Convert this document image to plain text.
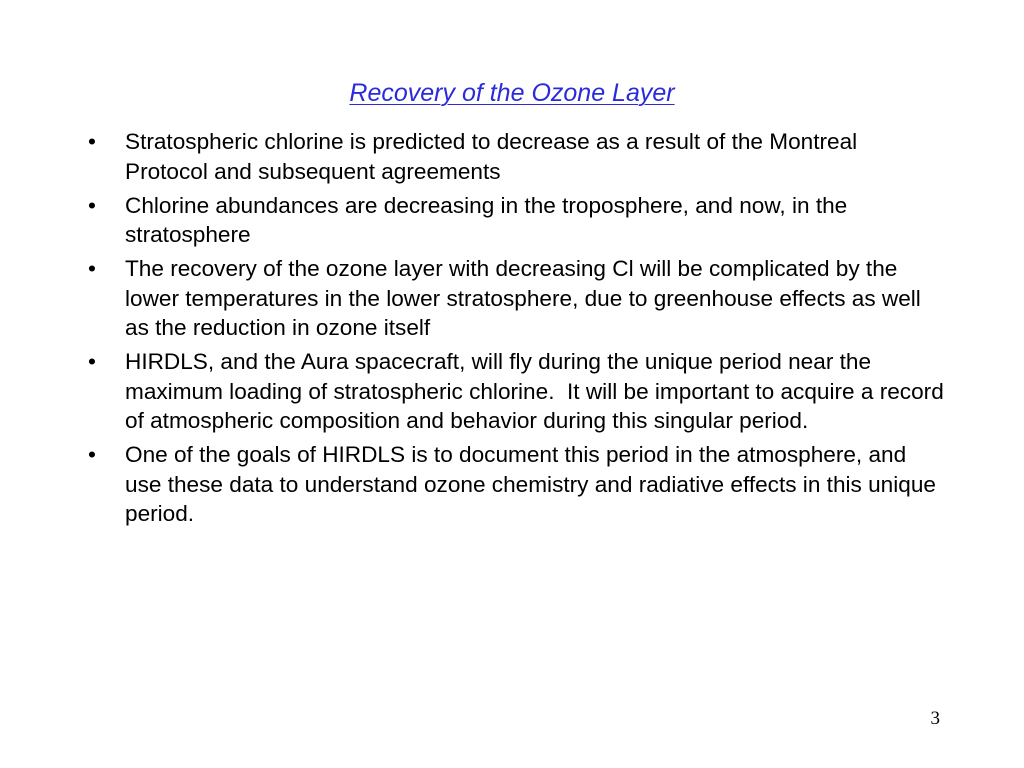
Recovery of the Ozone Layer
•	Stratospheric chlorine is predicted to decrease as a result of the Montreal Protocol and subsequent agreements
•	Chlorine abundances are decreasing in the troposphere, and now, in the stratosphere
•	The recovery of the ozone layer with decreasing Cl will be complicated by the lower temperatures in the lower stratosphere, due to greenhouse effects as well as the reduction in ozone itself
•	HIRDLS, and the Aura spacecraft, will fly during the unique period near the maximum loading of stratospheric chlorine.  It will be important to acquire a record of atmospheric composition and behavior during this singular period.
•	One of the goals of HIRDLS is to document this period in the atmosphere, and use these data to understand ozone chemistry and radiative effects in this unique period.
3
